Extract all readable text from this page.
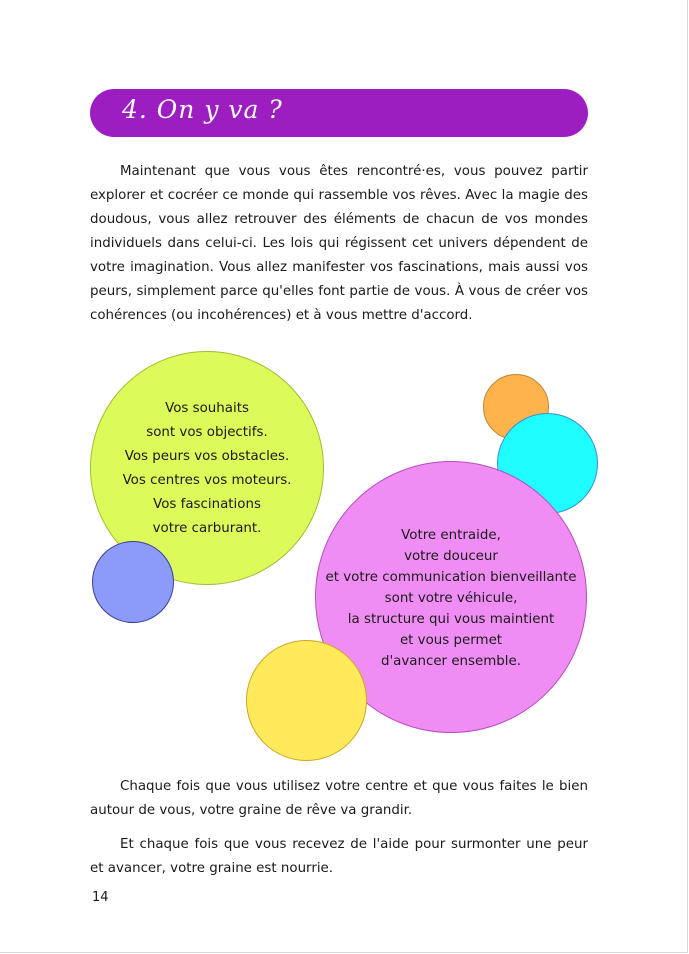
4. On y va ?

Maintenant que vous vous êtes rencontré·es, vous pouvez partir explorer et cocréer ce monde qui rassemble vos rêves. Avec la magie des doudous, vous allez retrouver des éléments de chacun de vos mondes individuels dans celui-ci. Les lois qui régissent cet univers dépendent de votre imagination. Vous allez manifester vos fascinations, mais aussi vos peurs, simplement parce qu'elles font partie de vous. À vous de créer vos cohérences (ou incohérences) et à vous mettre d'accord.

Vos souhaits
sont vos objectifs.
Vos peurs vos obstacles.
Vos centres vos moteurs.
Vos fascinations
votre carburant.	Votre entraide,
votre douceur
et votre communication bienveillante
sont votre véhicule,
la structure qui vous maintient
et vous permet
d'avancer ensemble.

Chaque fois que vous utilisez votre centre et que vous faites le bien autour de vous, votre graine de rêve va grandir.

Et chaque fois que vous recevez de l'aide pour surmonter une peur et avancer, votre graine est nourrie.

14
